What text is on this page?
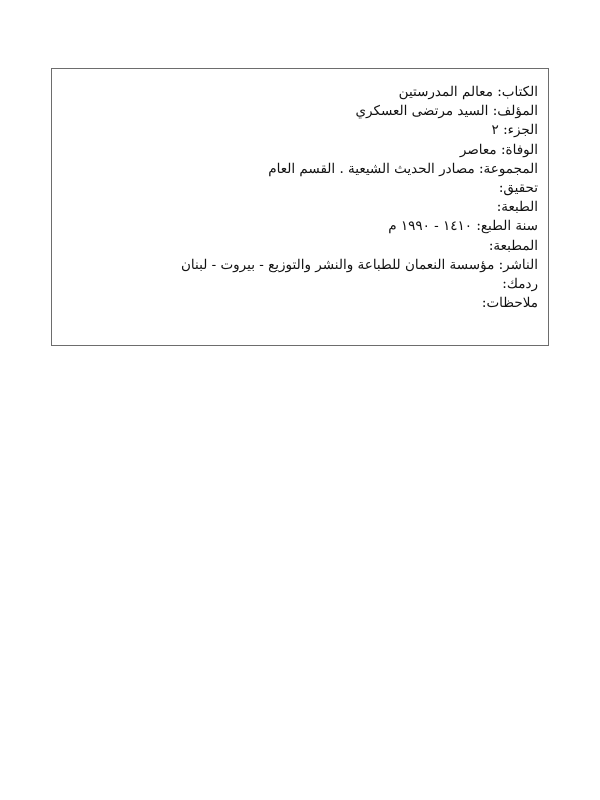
الكتاب: معالم المدرستين
المؤلف: السيد مرتضى العسكري
الجزء: ٢
الوفاة: معاصر
المجموعة: مصادر الحديث الشيعية . القسم العام
تحقيق:
الطبعة:
سنة الطبع: ١٤١٠ - ١٩٩٠ م
المطبعة:
الناشر: مؤسسة النعمان للطباعة والنشر والتوزيع - بيروت - لبنان
ردمك:
ملاحظات:
